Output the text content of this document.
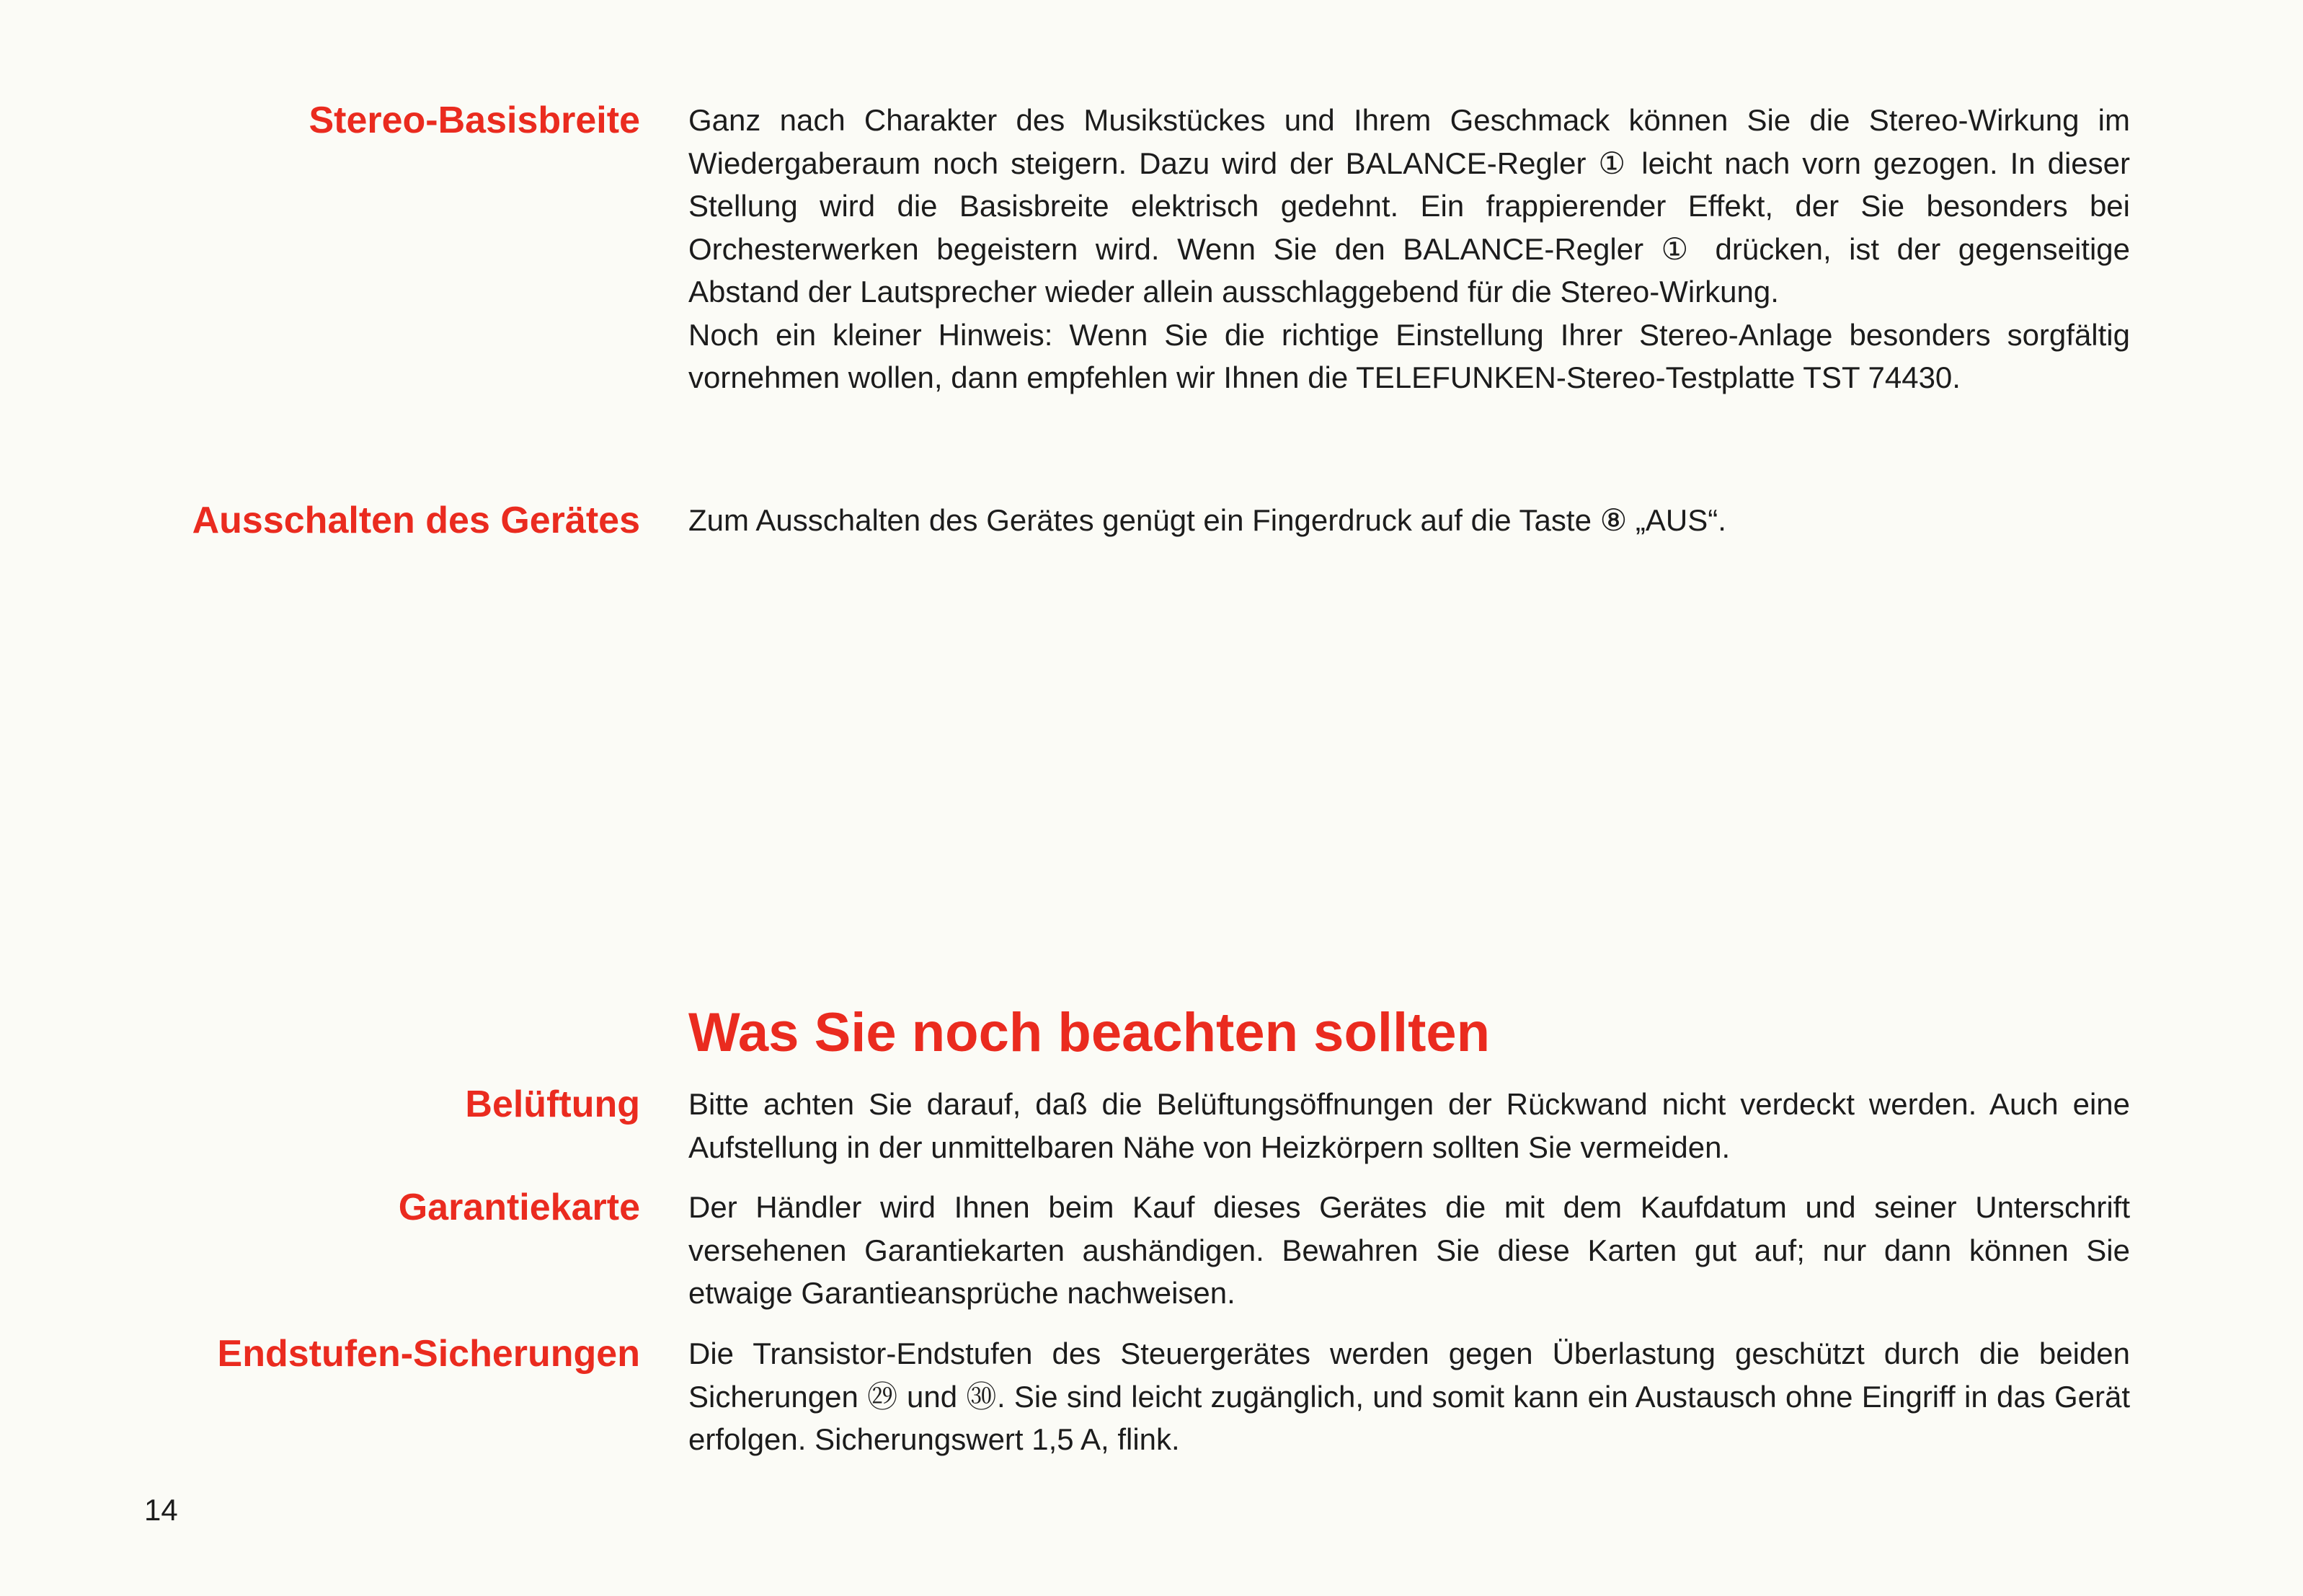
Stereo-Basisbreite Ganz nach Charakter des Musikstückes und Ihrem Geschmack können Sie die Stereo-Wirkung im Wiedergaberaum noch steigern. Dazu wird der BALANCE-Regler ① leicht nach vorn gezogen. In dieser Stellung wird die Basisbreite elektrisch gedehnt. Ein frappierender Effekt, der Sie besonders bei Orchesterwerken begeistern wird. Wenn Sie den BALANCE-Regler ① drücken, ist der gegenseitige Abstand der Lautsprecher wieder allein ausschlaggebend für die Stereo-Wirkung.

Noch ein kleiner Hinweis: Wenn Sie die richtige Einstellung Ihrer Stereo-Anlage besonders sorgfältig vornehmen wollen, dann empfehlen wir Ihnen die TELEFUNKEN-Stereo-Testplatte TST 74430.

Ausschalten des Gerätes Zum Ausschalten des Gerätes genügt ein Fingerdruck auf die Taste ⑧ „AUS“.

Was Sie noch beachten sollten
Belüftung Bitte achten Sie darauf, daß die Belüftungsöffnungen der Rückwand nicht verdeckt werden. Auch eine Aufstellung in der unmittelbaren Nähe von Heizkörpern sollten Sie vermeiden.

Garantiekarte Der Händler wird Ihnen beim Kauf dieses Gerätes die mit dem Kaufdatum und seiner Unterschrift versehenen Garantiekarten aushändigen. Bewahren Sie diese Karten gut auf; nur dann können Sie etwaige Garantieansprüche nachweisen.

Endstufen-Sicherungen Die Transistor-Endstufen des Steuergerätes werden gegen Überlastung geschützt durch die beiden Sicherungen ㉙ und ㉚. Sie sind leicht zugänglich, und somit kann ein Austausch ohne Eingriff in das Gerät erfolgen. Sicherungswert 1,5 A, flink.

14
